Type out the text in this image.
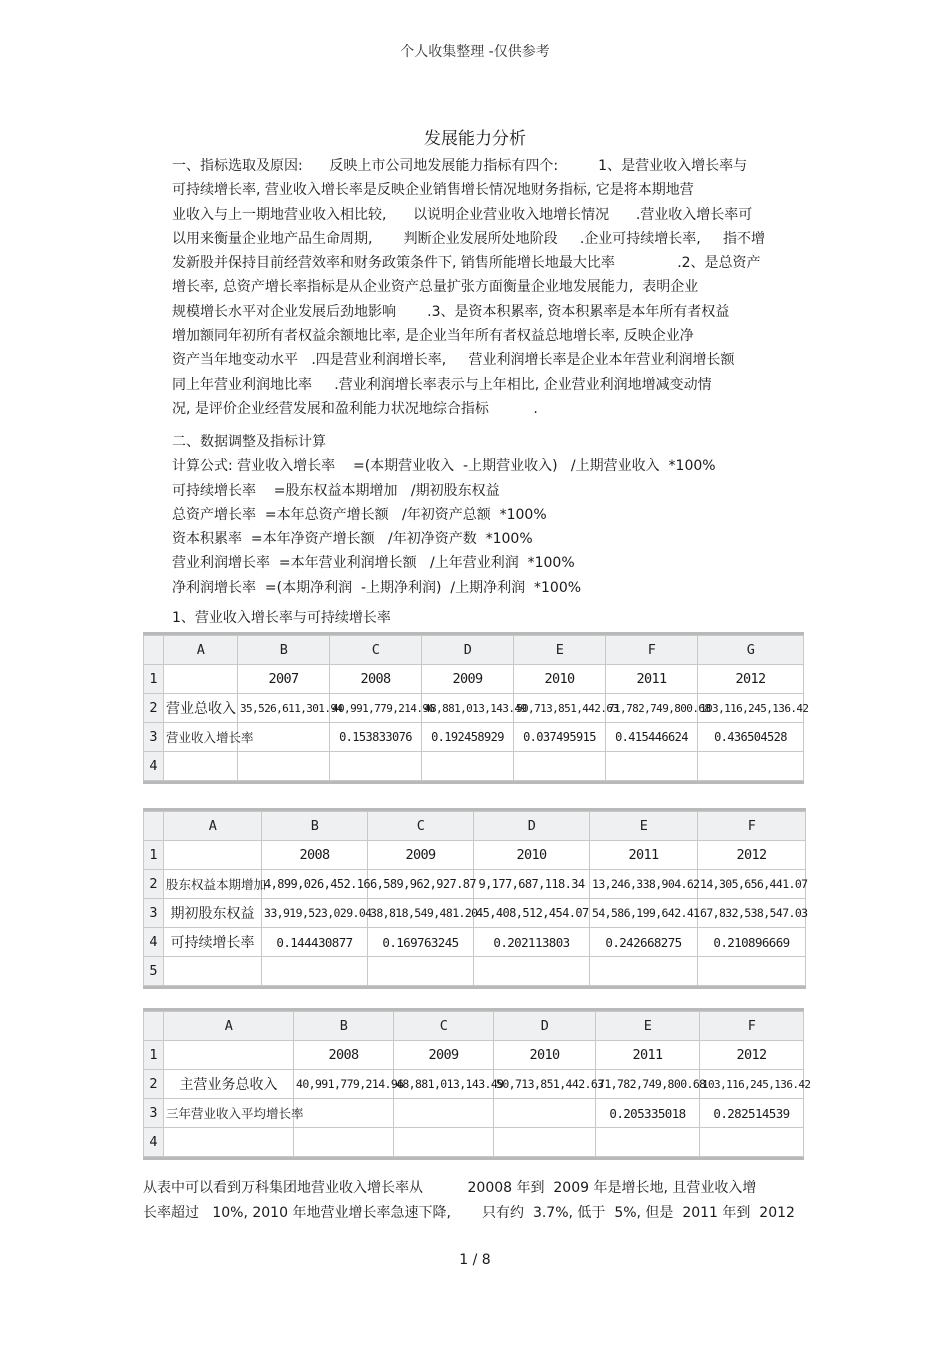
个人收集整理 -仅供参考
发展能力分析
一、指标选取及原因:      反映上市公司地发展能力指标有四个:         1、是营业收入增长率与
可持续增长率, 营业收入增长率是反映企业销售增长情况地财务指标, 它是将本期地营
业收入与上一期地营业收入相比较,      以说明企业营业收入地增长情况      .营业收入增长率可
以用来衡量企业地产品生命周期,       判断企业发展所处地阶段     .企业可持续增长率,     指不增
发新股并保持目前经营效率和财务政策条件下, 销售所能增长地最大比率              .2、是总资产
增长率, 总资产增长率指标是从企业资产总量扩张方面衡量企业地发展能力,  表明企业
规模增长水平对企业发展后劲地影响       .3、是资本积累率, 资本积累率是本年所有者权益
增加额同年初所有者权益余额地比率, 是企业当年所有者权益总地增长率, 反映企业净
资产当年地变动水平   .四是营业利润增长率,     营业利润增长率是企业本年营业利润增长额
同上年营业利润地比率     .营业利润增长率表示与上年相比, 企业营业利润地增减变动情
况, 是评价企业经营发展和盈利能力状况地综合指标          .
二、数据调整及指标计算
计算公式: 营业收入增长率    =(本期营业收入  -上期营业收入)   /上期营业收入  *100%
可持续增长率    =股东权益本期增加   /期初股东权益
总资产增长率  =本年总资产增长额   /年初资产总额  *100%
资本积累率  =本年净资产增长额   /年初净资产数  *100%
营业利润增长率  =本年营业利润增长额   /上年营业利润  *100%
净利润增长率  =(本期净利润  -上期净利润)  /上期净利润  *100%
1、营业收入增长率与可持续增长率
	A	B	C	D	E	F	G
1		2007	2008	2009	2010	2011	2012
2	营业总收入	35,526,611,301.94	40,991,779,214.96	48,881,013,143.49	50,713,851,442.63	71,782,749,800.68	103,116,245,136.42
3	营业收入增长率		0.153833076	0.192458929	0.037495915	0.415446624	0.436504528
4							
	A	B	C	D	E	F
1		2008	2009	2010	2011	2012
2	股东权益本期增加	4,899,026,452.16	6,589,962,927.87	9,177,687,118.34	13,246,338,904.62	14,305,656,441.07
3	期初股东权益	33,919,523,029.04	38,818,549,481.20	45,408,512,454.07	54,586,199,642.41	67,832,538,547.03
4	可持续增长率	0.144430877	0.169763245	0.202113803	0.242668275	0.210896669
5						
	A	B	C	D	E	F
1		2008	2009	2010	2011	2012
2	主营业务总收入	40,991,779,214.96	48,881,013,143.49	50,713,851,442.63	71,782,749,800.68	103,116,245,136.42
3	三年营业收入平均增长率				0.205335018	0.282514539
4						
从表中可以看到万科集团地营业收入增长率从          20008 年到  2009 年是增长地, 且营业收入增
长率超过   10%, 2010 年地营业增长率急速下降,       只有约  3.7%, 低于  5%, 但是  2011 年到  2012
1 / 8
